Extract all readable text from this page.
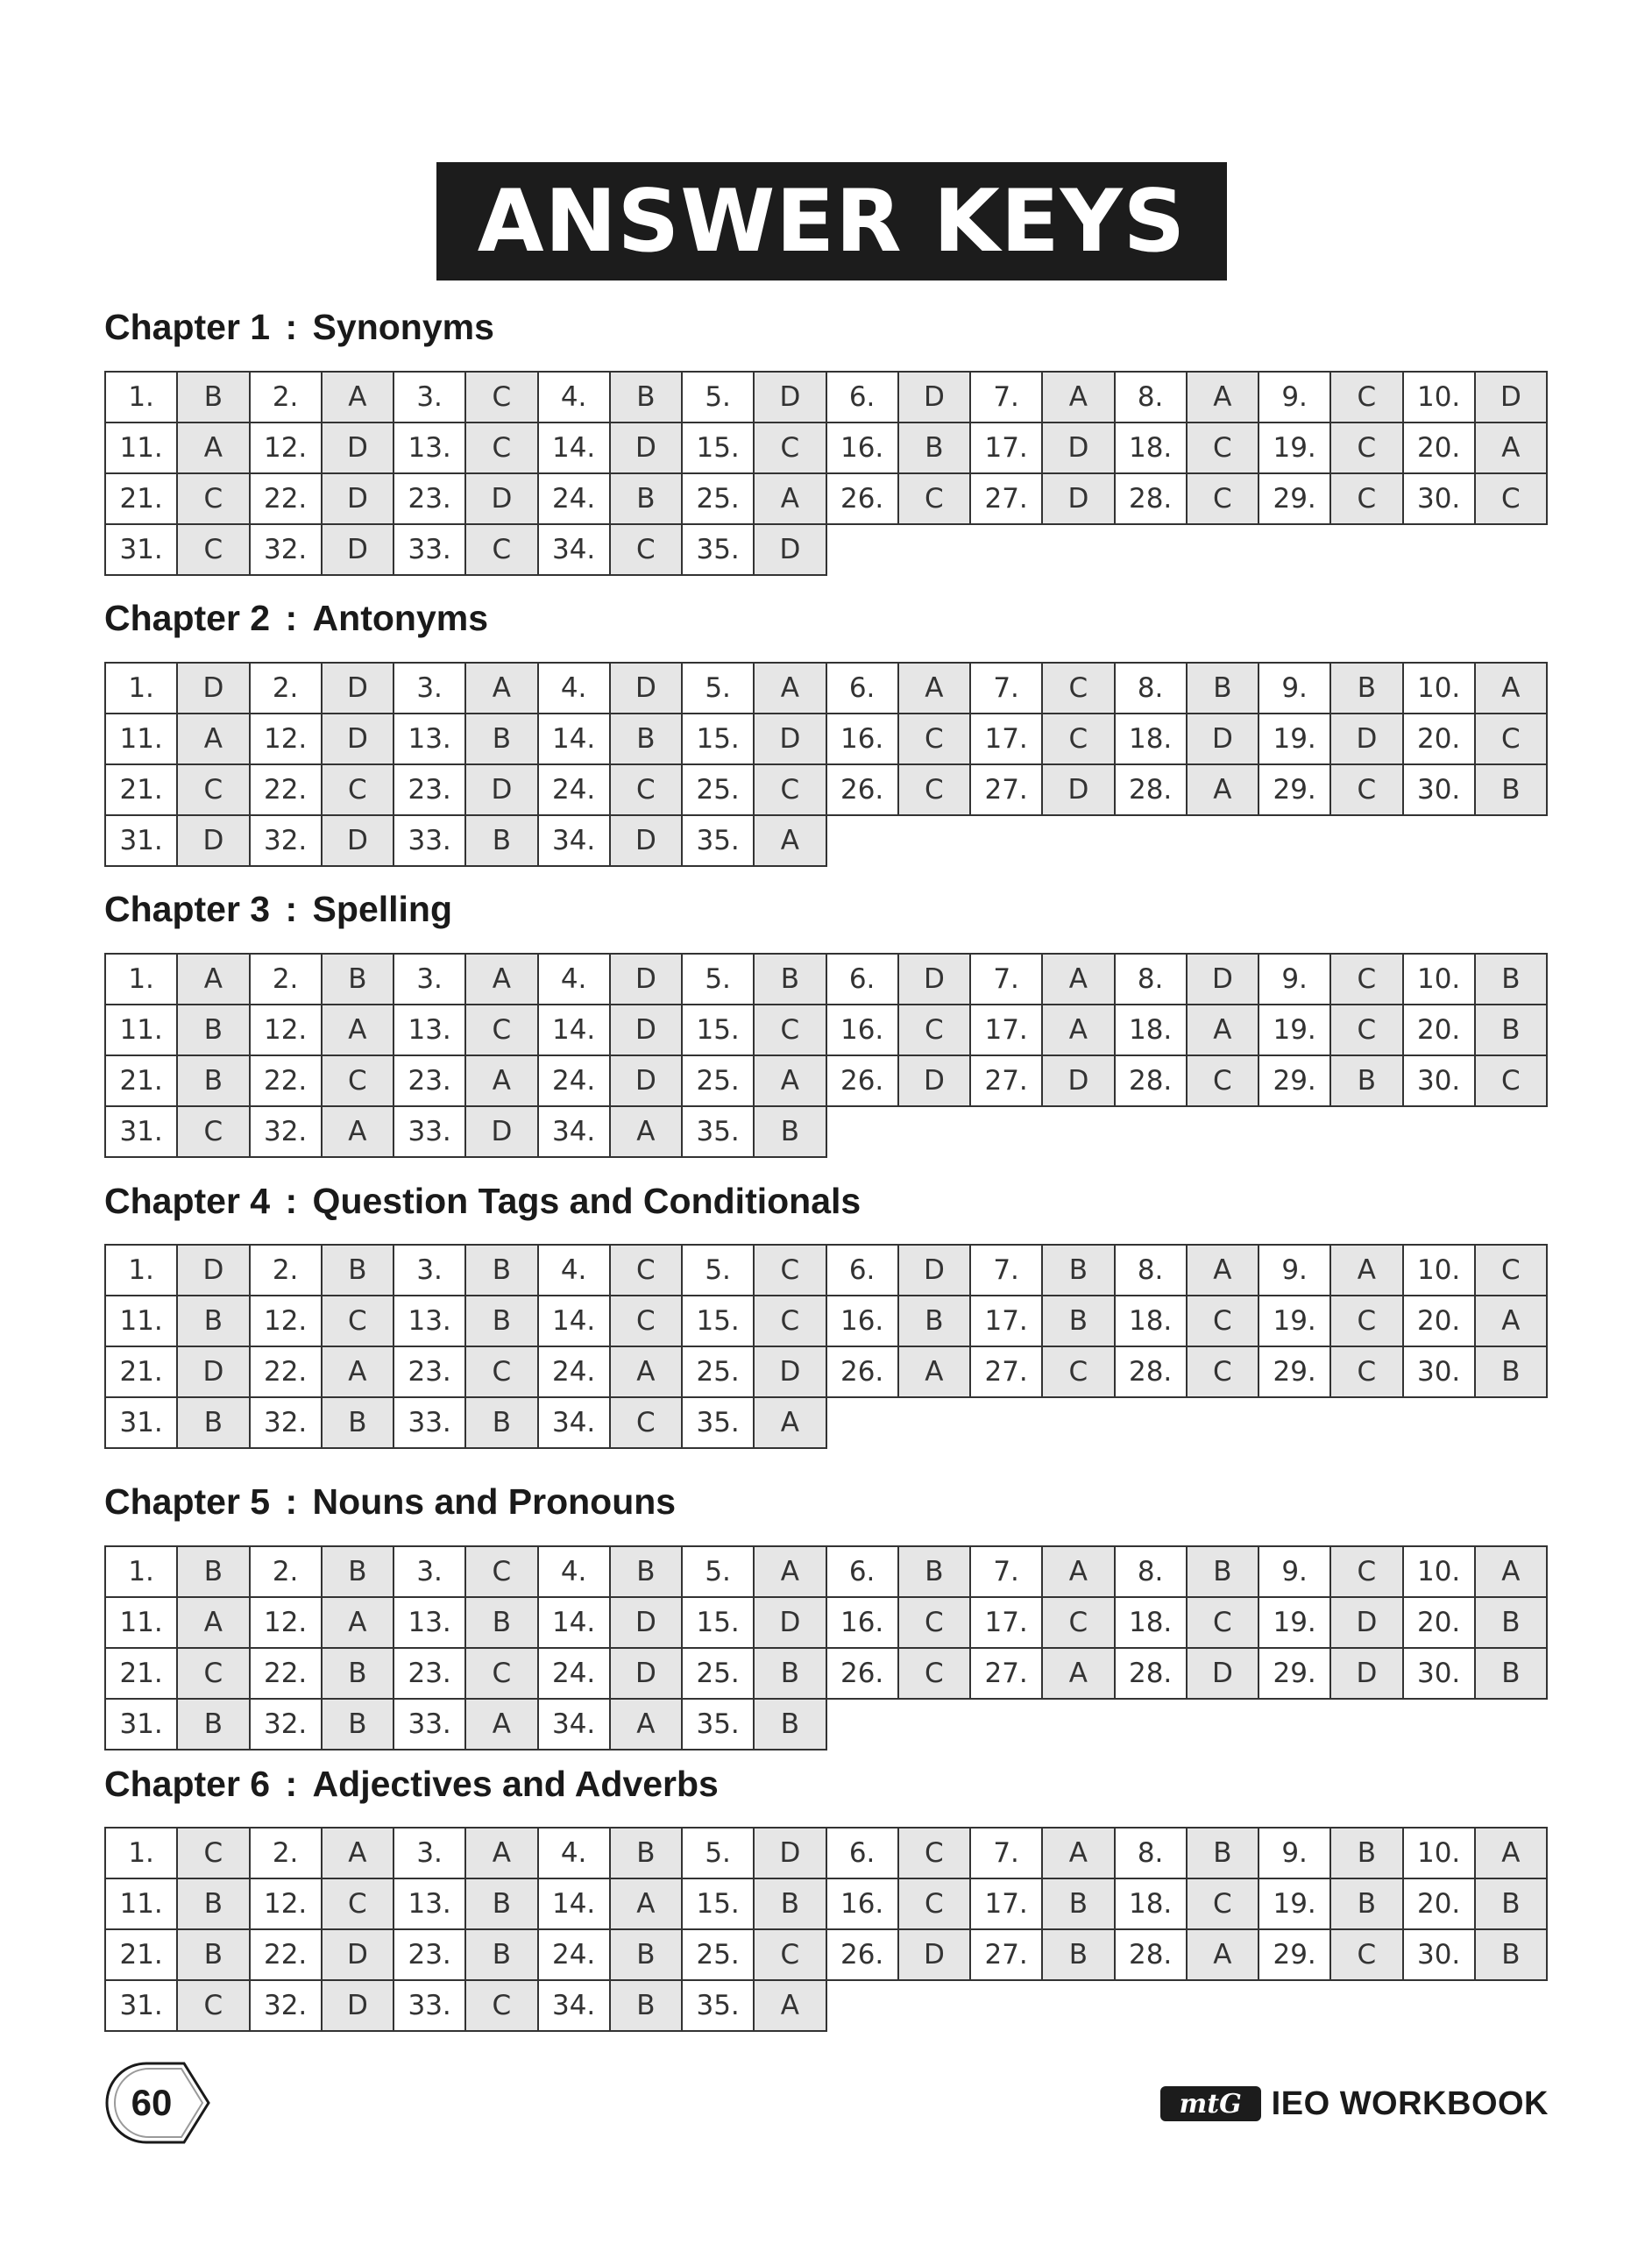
ANSWER KEYS
Chapter 1 : Synonyms
1.	B	2.	A	3.	C	4.	B	5.	D	6.	D	7.	A	8.	A	9.	C	10.	D
11.	A	12.	D	13.	C	14.	D	15.	C	16.	B	17.	D	18.	C	19.	C	20.	A
21.	C	22.	D	23.	D	24.	B	25.	A	26.	C	27.	D	28.	C	29.	C	30.	C
31.	C	32.	D	33.	C	34.	C	35.	D										
Chapter 2 : Antonyms
1.	D	2.	D	3.	A	4.	D	5.	A	6.	A	7.	C	8.	B	9.	B	10.	A
11.	A	12.	D	13.	B	14.	B	15.	D	16.	C	17.	C	18.	D	19.	D	20.	C
21.	C	22.	C	23.	D	24.	C	25.	C	26.	C	27.	D	28.	A	29.	C	30.	B
31.	D	32.	D	33.	B	34.	D	35.	A										
Chapter 3 : Spelling
1.	A	2.	B	3.	A	4.	D	5.	B	6.	D	7.	A	8.	D	9.	C	10.	B
11.	B	12.	A	13.	C	14.	D	15.	C	16.	C	17.	A	18.	A	19.	C	20.	B
21.	B	22.	C	23.	A	24.	D	25.	A	26.	D	27.	D	28.	C	29.	B	30.	C
31.	C	32.	A	33.	D	34.	A	35.	B										
Chapter 4 : Question Tags and Conditionals
1.	D	2.	B	3.	B	4.	C	5.	C	6.	D	7.	B	8.	A	9.	A	10.	C
11.	B	12.	C	13.	B	14.	C	15.	C	16.	B	17.	B	18.	C	19.	C	20.	A
21.	D	22.	A	23.	C	24.	A	25.	D	26.	A	27.	C	28.	C	29.	C	30.	B
31.	B	32.	B	33.	B	34.	C	35.	A										
Chapter 5 : Nouns and Pronouns
1.	B	2.	B	3.	C	4.	B	5.	A	6.	B	7.	A	8.	B	9.	C	10.	A
11.	A	12.	A	13.	B	14.	D	15.	D	16.	C	17.	C	18.	C	19.	D	20.	B
21.	C	22.	B	23.	C	24.	D	25.	B	26.	C	27.	A	28.	D	29.	D	30.	B
31.	B	32.	B	33.	A	34.	A	35.	B										
Chapter 6 : Adjectives and Adverbs
1.	C	2.	A	3.	A	4.	B	5.	D	6.	C	7.	A	8.	B	9.	B	10.	A
11.	B	12.	C	13.	B	14.	A	15.	B	16.	C	17.	B	18.	C	19.	B	20.	B
21.	B	22.	D	23.	B	24.	B	25.	C	26.	D	27.	B	28.	A	29.	C	30.	B
31.	C	32.	D	33.	C	34.	B	35.	A										
60	mtG IEO WORKBOOK
